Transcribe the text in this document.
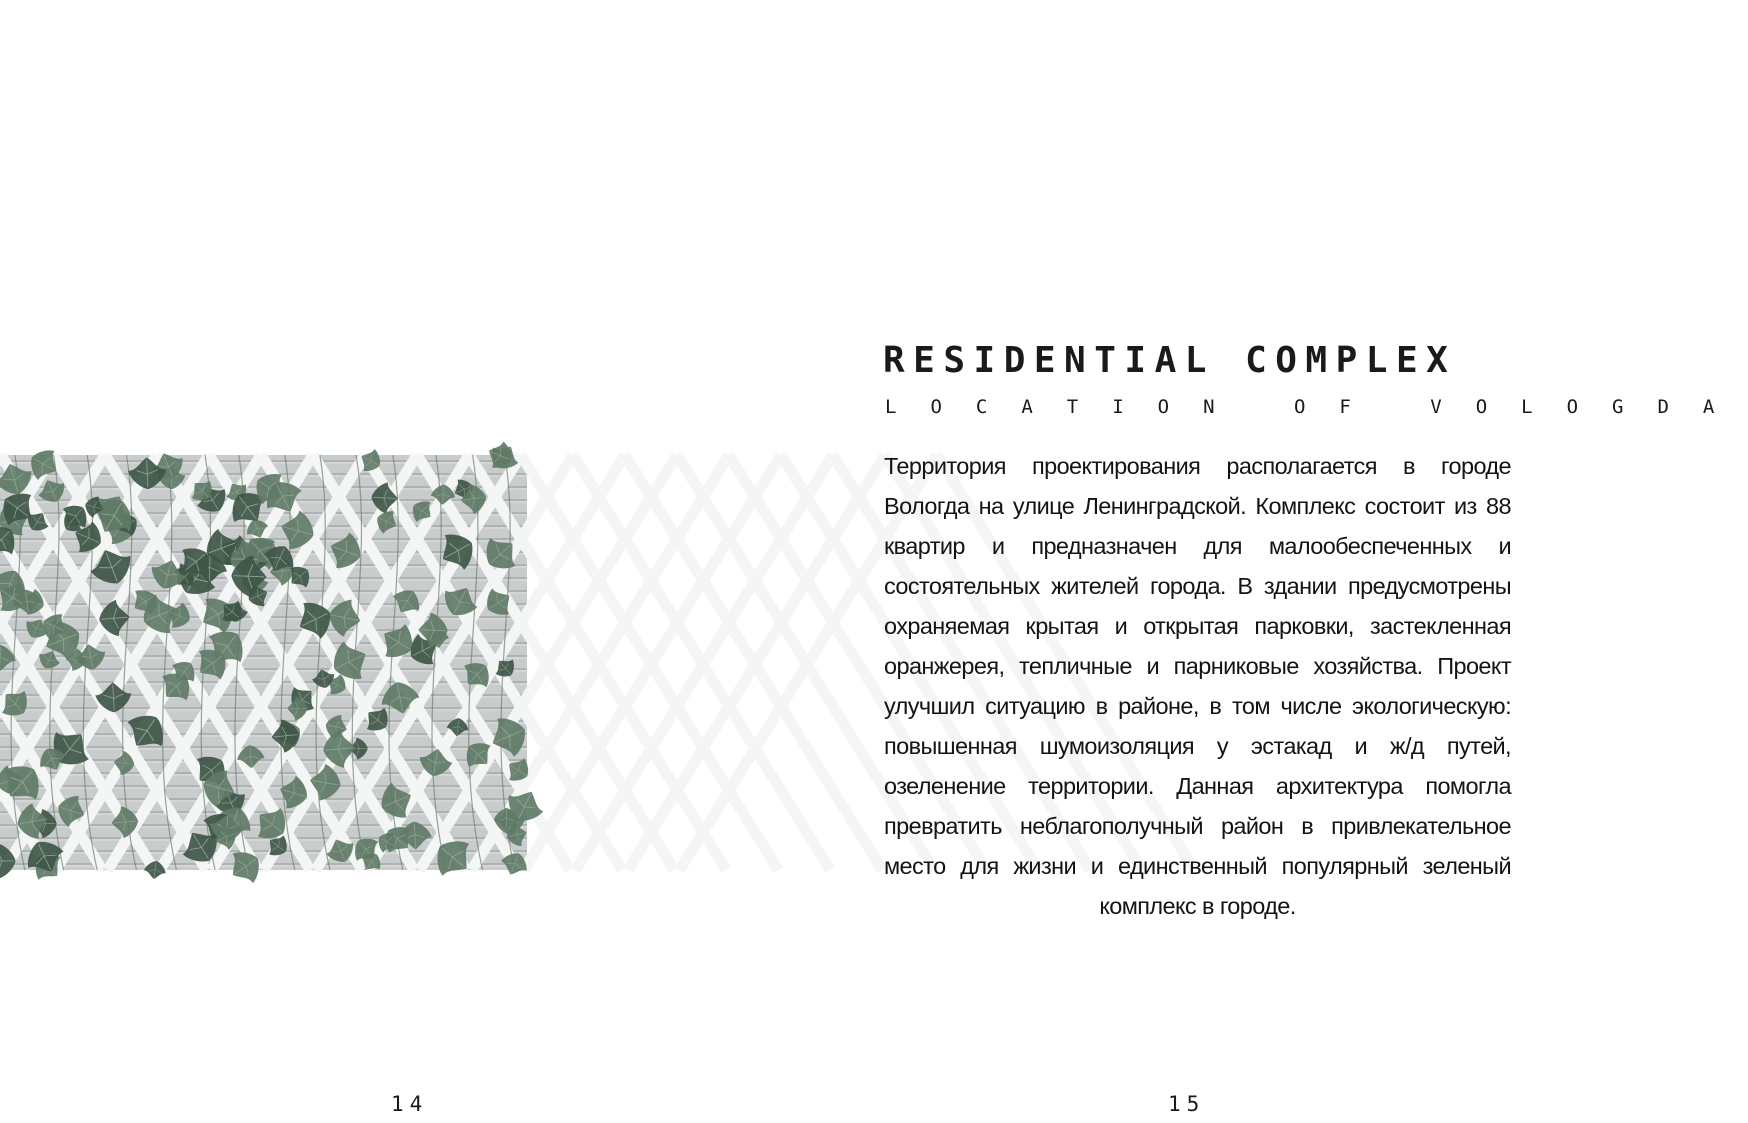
14
RESIDENTIAL COMPLEX
LOCATION OF VOLOGDA

Территория проектирования располагается в городе Вологда на улице Ленинградской. Комплекс состоит из 88 квартир и предназначен для малообеспеченных и состоятельных жителей города. В здании предусмотрены охраняемая крытая и открытая парковки, застекленная оранжерея, тепличные и парниковые хозяйства. Проект улучшил ситуацию в районе, в том числе экологическую: повышенная шумоизоляция у эстакад и ж/д путей, озеленение территории. Данная архитектура помогла превратить неблагополучный район в привлекательное место для жизни и единственный популярный зеленый комплекс в городе.

15
